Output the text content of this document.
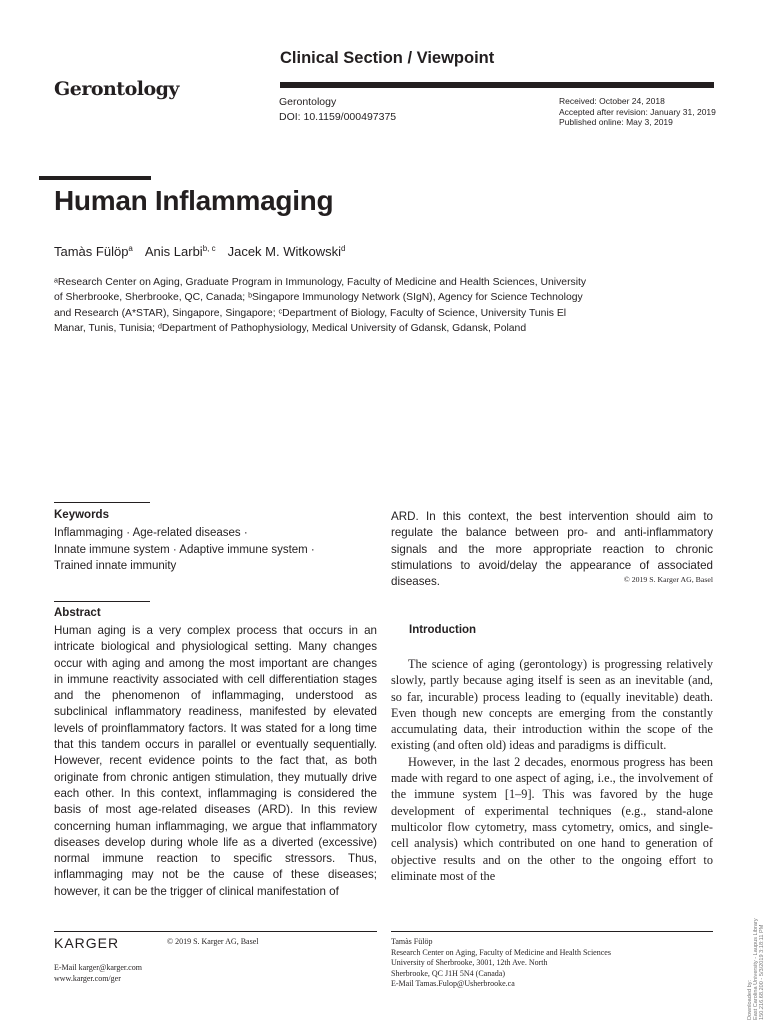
Clinical Section / Viewpoint
Gerontology
Gerontology
DOI: 10.1159/000497375
Received: October 24, 2018
Accepted after revision: January 31, 2019
Published online: May 3, 2019
Human Inflammaging
Tamàs Fülöp$^a$ Anis Larbi$^{b, c}$ Jacek M. Witkowski$^d$
ᵃResearch Center on Aging, Graduate Program in Immunology, Faculty of Medicine and Health Sciences, University
of Sherbrooke, Sherbrooke, QC, Canada; ᵇSingapore Immunology Network (SIgN), Agency for Science Technology
and Research (A*STAR), Singapore, Singapore; ᶜDepartment of Biology, Faculty of Science, University Tunis El
Manar, Tunis, Tunisia; ᵈDepartment of Pathophysiology, Medical University of Gdansk, Gdansk, Poland
Keywords
Inflammaging · Age-related diseases ·
Innate immune system · Adaptive immune system ·
Trained innate immunity
Abstract
Human aging is a very complex process that occurs in an intricate biological and physiological setting. Many changes occur with aging and among the most important are changes in immune reactivity associated with cell differentiation stages and the phenomenon of inflammaging, understood as subclinical inflammatory readiness, manifested by elevated levels of proinflammatory factors. It was stated for a long time that this tandem occurs in parallel or eventually sequentially. However, recent evidence points to the fact that, as both originate from chronic antigen stimulation, they mutually drive each other. In this context, inflammaging is considered the basis of most age-related diseases (ARD). In this review concerning human inflammaging, we argue that inflammatory diseases develop during whole life as a diverted (excessive) normal immune reaction to specific stressors. Thus, inflammaging may not be the cause of these diseases; however, it can be the trigger of clinical manifestation of
ARD. In this context, the best intervention should aim to regulate the balance between pro- and anti-inflammatory signals and the more appropriate reaction to chronic stimulations to avoid/delay the appearance of associated diseases.	© 2019 S. Karger AG, Basel
Introduction

The science of aging (gerontology) is progressing relatively slowly, partly because aging itself is seen as an inevitable (and, so far, incurable) process leading to (equally inevitable) death. Even though new concepts are emerging from the constantly accumulating data, their introduction within the scope of the existing (and often old) ideas and paradigms is difficult.

However, in the last 2 decades, enormous progress has been made with regard to one aspect of aging, i.e., the involvement of the immune system [1–9]. This was favored by the huge development of experimental techniques (e.g., stand-alone multicolor flow cytometry, mass cytometry, omics, and single-cell analysis) which contributed on one hand to generation of objective results and on the other to the ongoing effort to eliminate most of the

KARGER	© 2019 S. Karger AG, Basel
E-Mail karger@karger.com
www.karger.com/ger
Tamàs Fülöp
Research Center on Aging, Faculty of Medicine and Health Sciences
University of Sherbrooke, 3001, 12th Ave. North
Sherbrooke, QC J1H 5N4 (Canada)
E-Mail Tamas.Fulop@Usherbrooke.ca	Downloaded by: East Carolina University - Laupus Library 150.216.68.200 - 5/3/2019 3:18:11 PM
